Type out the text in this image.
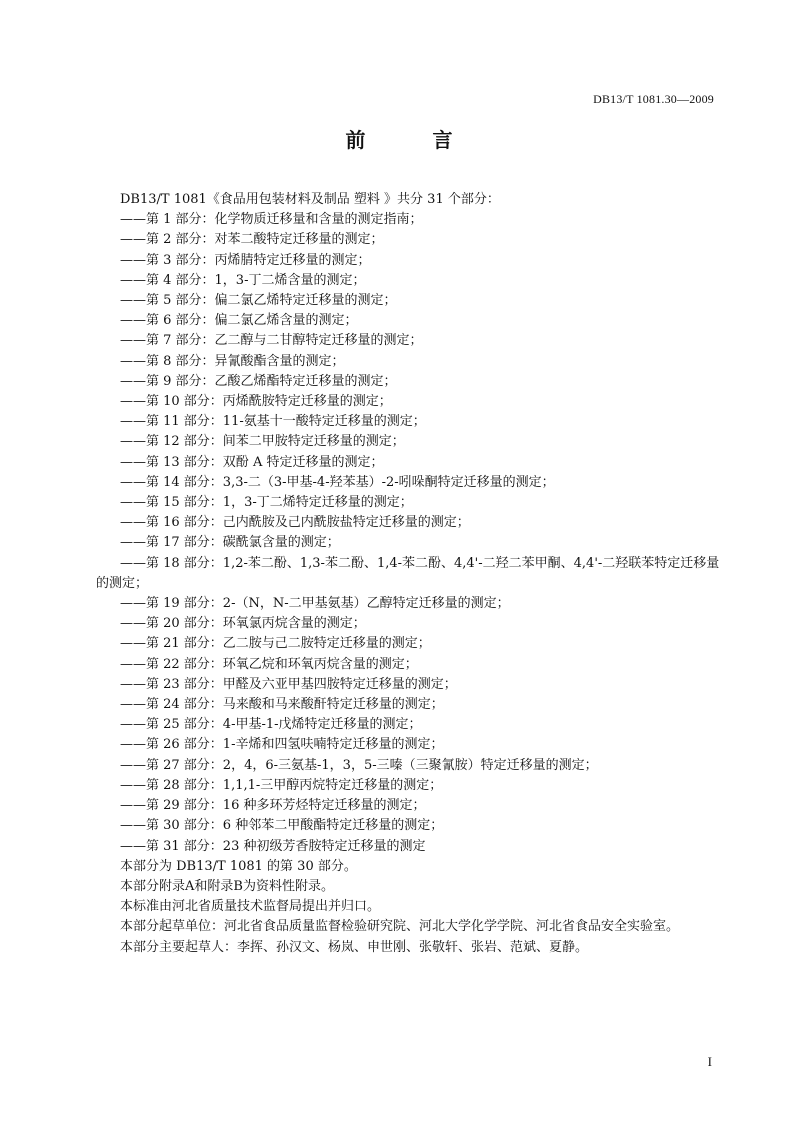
DB13/T 1081.30—2009
前 言
DB13/T 1081《食品用包装材料及制品 塑料 》共分 31 个部分：
——第 1 部分：化学物质迁移量和含量的测定指南；
——第 2 部分：对苯二酸特定迁移量的测定；
——第 3 部分：丙烯腈特定迁移量的测定；
——第 4 部分：1，3-丁二烯含量的测定；
——第 5 部分：偏二氯乙烯特定迁移量的测定；
——第 6 部分：偏二氯乙烯含量的测定；
——第 7 部分：乙二醇与二甘醇特定迁移量的测定；
——第 8 部分：异氰酸酯含量的测定；
——第 9 部分：乙酸乙烯酯特定迁移量的测定；
——第 10 部分：丙烯酰胺特定迁移量的测定；
——第 11 部分：11-氨基十一酸特定迁移量的测定；
——第 12 部分：间苯二甲胺特定迁移量的测定；
——第 13 部分：双酚 A 特定迁移量的测定；
——第 14 部分：3,3-二（3-甲基-4-羟苯基）-2-吲哚酮特定迁移量的测定；
——第 15 部分：1，3-丁二烯特定迁移量的测定；
——第 16 部分：己内酰胺及己内酰胺盐特定迁移量的测定；
——第 17 部分：碳酰氯含量的测定；
——第 18 部分：1,2-苯二酚、1,3-苯二酚、1,4-苯二酚、4,4'-二羟二苯甲酮、4,4'-二羟联苯特定迁移量的测定；
——第 19 部分：2-（N，N-二甲基氨基）乙醇特定迁移量的测定；
——第 20 部分：环氧氯丙烷含量的测定；
——第 21 部分：乙二胺与己二胺特定迁移量的测定；
——第 22 部分：环氧乙烷和环氧丙烷含量的测定；
——第 23 部分：甲醛及六亚甲基四胺特定迁移量的测定；
——第 24 部分：马来酸和马来酸酐特定迁移量的测定；
——第 25 部分：4-甲基-1-戊烯特定迁移量的测定；
——第 26 部分：1-辛烯和四氢呋喃特定迁移量的测定；
——第 27 部分：2，4，6-三氨基-1，3，5-三嗪（三聚氰胺）特定迁移量的测定；
——第 28 部分：1,1,1-三甲醇丙烷特定迁移量的测定；
——第 29 部分：16 种多环芳烃特定迁移量的测定；
——第 30 部分：6 种邻苯二甲酸酯特定迁移量的测定；
——第 31 部分：23 种初级芳香胺特定迁移量的测定
本部分为 DB13/T 1081 的第 30 部分。
本部分附录A和附录B为资料性附录。
本标准由河北省质量技术监督局提出并归口。
本部分起草单位：河北省食品质量监督检验研究院、河北大学化学学院、河北省食品安全实验室。
本部分主要起草人：李挥、孙汉文、杨岚、申世刚、张敬轩、张岩、范斌、夏静。
I
